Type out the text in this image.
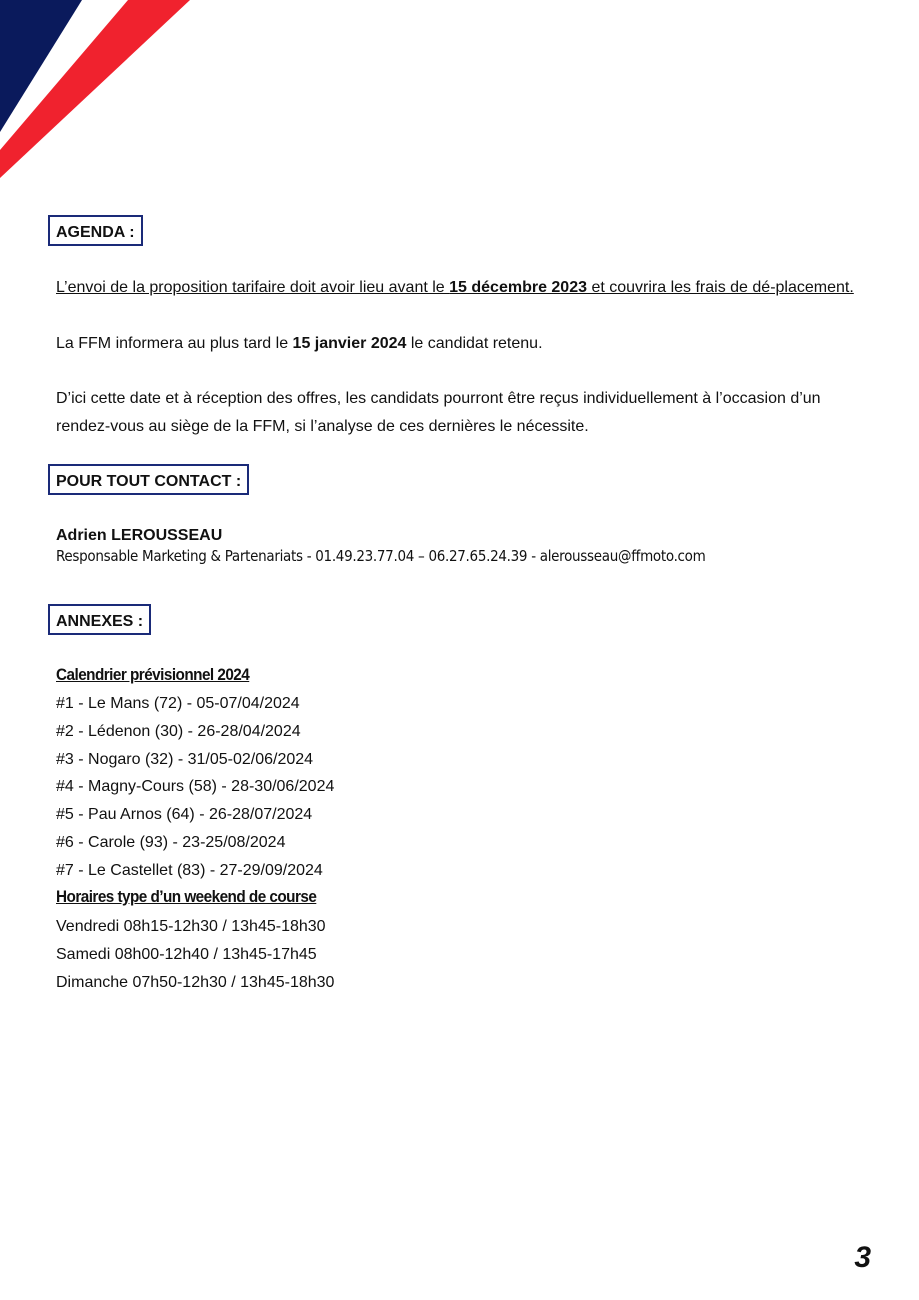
AGENDA :
L’envoi de la proposition tarifaire doit avoir lieu avant le 15 décembre 2023 et couvrira les frais de dé-placement.
La FFM informera au plus tard le 15 janvier 2024 le candidat retenu.
D’ici cette date et à réception des offres, les candidats pourront être reçus individuellement à l’occasion d’un rendez-vous au siège de la FFM, si l’analyse de ces dernières le nécessite.
POUR TOUT CONTACT :
Adrien LEROUSSEAU
Responsable Marketing & Partenariats - 01.49.23.77.04 – 06.27.65.24.39 - alerousseau@ffmoto.com
ANNEXES :
Calendrier prévisionnel 2024
#1 - Le Mans (72) - 05-07/04/2024
#2 - Lédenon (30) - 26-28/04/2024
#3 - Nogaro (32) - 31/05-02/06/2024
#4 - Magny-Cours (58) - 28-30/06/2024
#5 - Pau Arnos (64) - 26-28/07/2024
#6 - Carole (93) - 23-25/08/2024
#7 - Le Castellet (83) - 27-29/09/2024
Horaires type d’un weekend de course
Vendredi 08h15-12h30 / 13h45-18h30
Samedi 08h00-12h40 / 13h45-17h45
Dimanche 07h50-12h30 / 13h45-18h30
3
